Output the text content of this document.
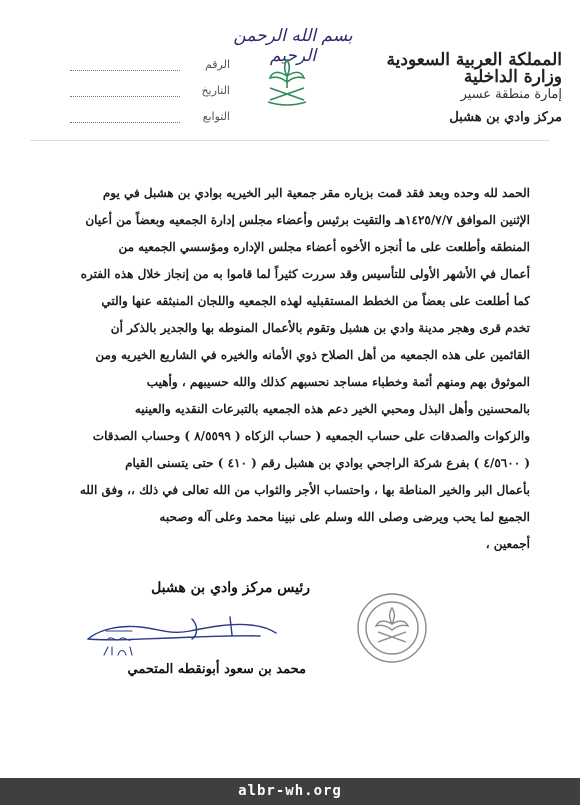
بسم الله الرحمن الرحيم	المملكة العربية السعودية
وزارة الداخلية
إمارة منطقة عسير
مركز وادي بن هشبل
الرقم
التاريخ
التوابع

الحمد لله وحده وبعد فقد قمت بزياره مقر جمعية البر الخيريه بوادي بن هشبل في يوم

الإثنين الموافق ١٤٢٥/٧/٧هـ والتقيت برئيس وأعضاء مجلس إدارة الجمعيه وبعضاً من أعيان

المنطقه وأطلعت على ما أنجزه الأخوه أعضاء مجلس الإداره ومؤسسي الجمعيه من

أعمال في الأشهر الأولى للتأسيس وقد سررت كثيراً لما قاموا به من إنجاز خلال هذه الفتره

كما أطلعت على بعضاً من الخطط المستقبليه لهذه الجمعيه واللجان المنبثقه عنها والتي

تخدم قرى وهجر مدينة وادي بن هشبل وتقوم بالأعمال المنوطه بها والجدير بالذكر أن

القائمين على هذه الجمعيه من أهل الصلاح ذوي الأمانه والخيره في الشاريع الخيريه ومن

الموثوق بهم ومنهم أئمة وخطباء مساجد نحسبهم كذلك والله حسيبهم ، وأهيب

بالمحسنين وأهل البذل ومحبي الخير دعم هذه الجمعيه بالتبرعات النقديه والعينيه

والزكوات والصدقات على حساب الجمعيه ( حساب الزكاه ( ٨/٥٥٩٩ ) وحساب الصدقات

( ٤/٥٦٠٠ ) بفرع شركة الراجحي بوادي بن هشبل رقم ( ٤١٠ ) حتى يتسنى القيام

بأعمال البر والخير المناطة بها ، واحتساب الأجر والثواب من الله تعالى في ذلك ،، وفق الله

الجميع لما يحب ويرضى وصلى الله وسلم على نبينا محمد وعلى آله وصحبه

أجمعين ،

رئيس مركز وادي بن هشبل
محمد بن سعود أبونقطه المتحمي
albr-wh.org
